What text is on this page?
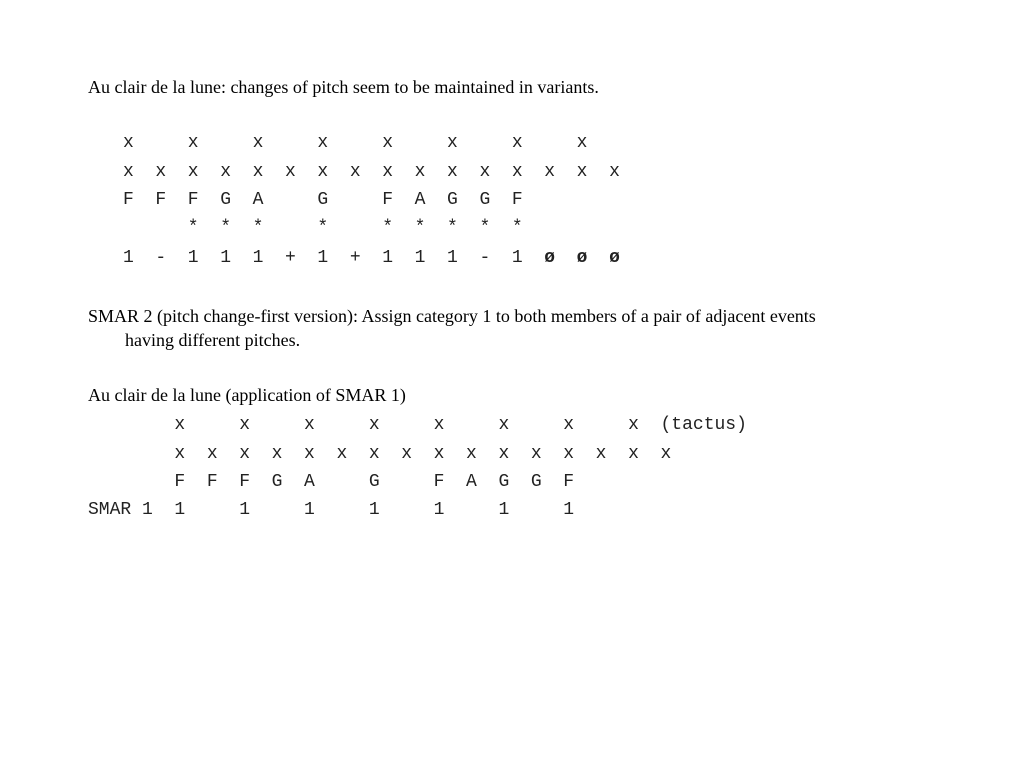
Au clair de la lune: changes of pitch seem to be maintained in variants.

x     x     x     x     x     x     x     x
x  x  x  x  x  x  x  x  x  x  x  x  x  x  x  x
F  F  F  G  A     G     F  A  G  G  F
*  *  *     *     *  *  *  *  *
1  -  1  1  1  +  1  +  1  1  1  -  1  ø  ø  ø

SMAR 2 (pitch change-first version): Assign category 1 to both members of a pair of adjacent events

having different pitches.

Au clair de la lune (application of SMAR 1)

x     x     x     x     x     x     x     x  (tactus)
x  x  x  x  x  x  x  x  x  x  x  x  x  x  x  x
F  F  F  G  A     G     F  A  G  G  F
SMAR 1  1     1     1     1     1     1     1
